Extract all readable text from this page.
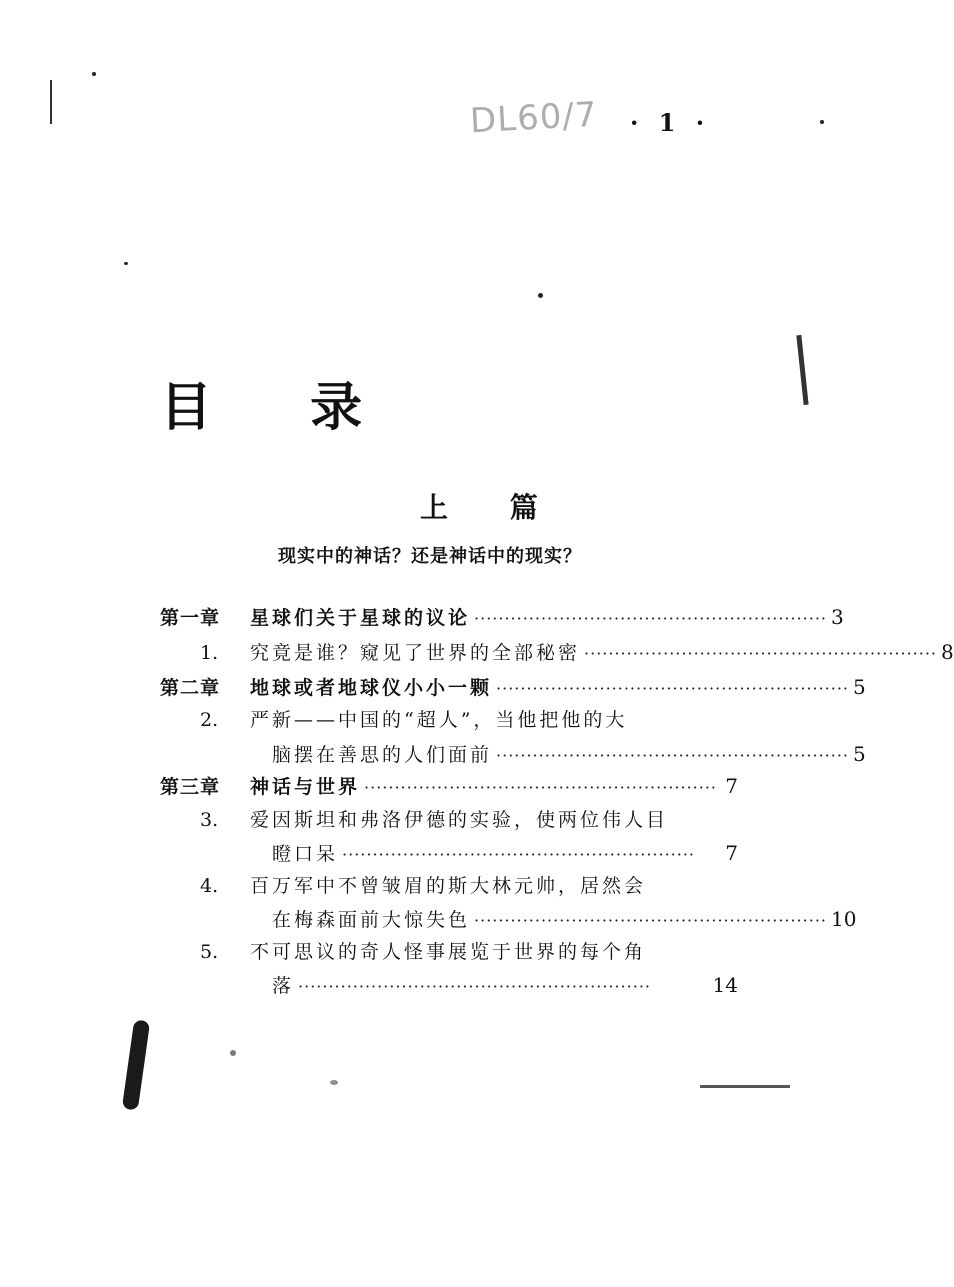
DL60/7 · 1 ·
目 录
上 篇
现实中的神话？还是神话中的现实？
第一章	星球们关于星球的议论 ·························································· 3
1.	究竟是谁？窥见了世界的全部秘密 ·························································· 8
第二章	地球或者地球仪小小一颗 ·························································· 5
2.	严新——中国的“超人”，当他把他的大
脑摆在善思的人们面前 ·························································· 5
第三章	神话与世界 ·························································· 7
3.	爱因斯坦和弗洛伊德的实验，使两位伟人目
瞪口呆 ··························································	7
4.	百万军中不曾皱眉的斯大林元帅，居然会
在梅森面前大惊失色 ·························································· 10
5.	不可思议的奇人怪事展览于世界的每个角
落 ··························································	14
